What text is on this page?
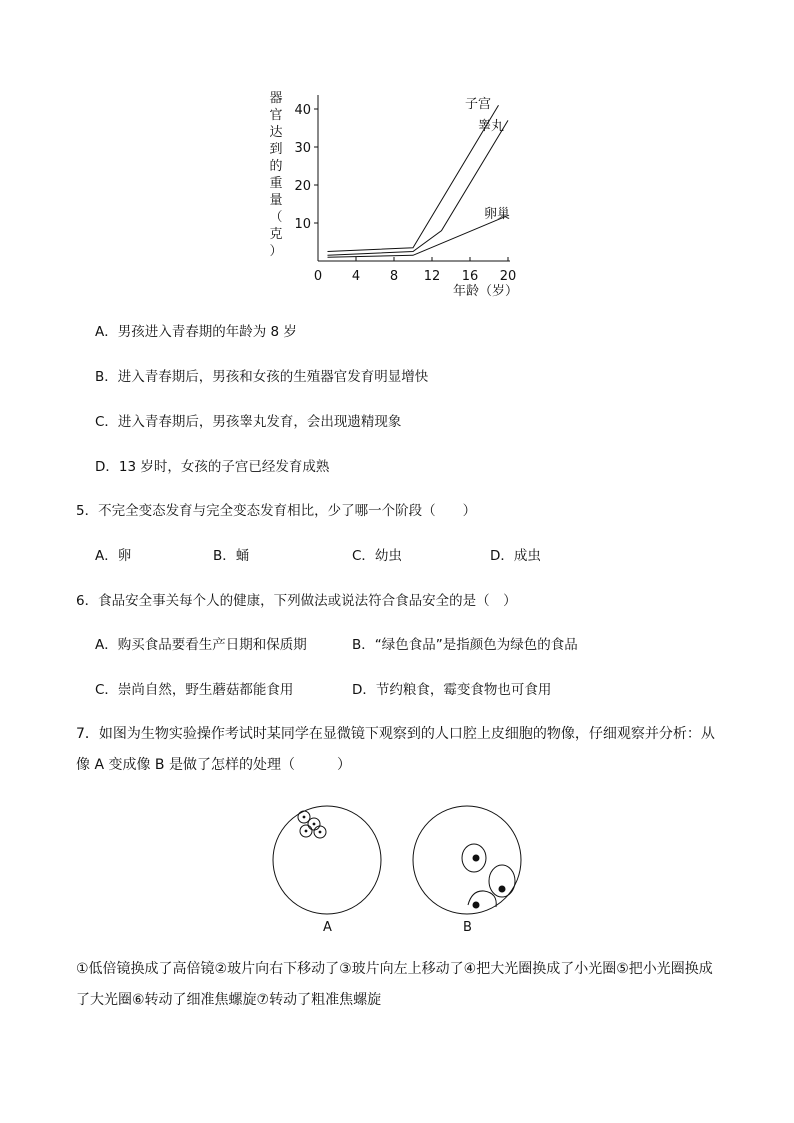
器
官
达
到
的
重
量
（
克
）
10
20
30
40
0 4 8 12 16 20
子宫
睾丸
卵巢
年龄（岁）
A．男孩进入青春期的年龄为 8 岁
B．进入青春期后，男孩和女孩的生殖器官发育明显增快
C．进入青春期后，男孩睾丸发育，会出现遗精现象
D．13 岁时，女孩的子宫已经发育成熟
5．不完全变态发育与完全变态发育相比，少了哪一个阶段（　　）
A．卵	B．蛹	C．幼虫	D．成虫
6．食品安全事关每个人的健康，下列做法或说法符合食品安全的是（　）
A．购买食品要看生产日期和保质期	B．“绿色食品”是指颜色为绿色的食品
C．崇尚自然，野生蘑菇都能食用	D．节约粮食，霉变食物也可食用
7．如图为生物实验操作考试时某同学在显微镜下观察到的人口腔上皮细胞的物像，仔细观察并分析：从
像 A 变成像 B 是做了怎样的处理（　　　）
A	B
①低倍镜换成了高倍镜②玻片向右下移动了③玻片向左上移动了④把大光圈换成了小光圈⑤把小光圈换成
了大光圈⑥转动了细准焦螺旋⑦转动了粗准焦螺旋
